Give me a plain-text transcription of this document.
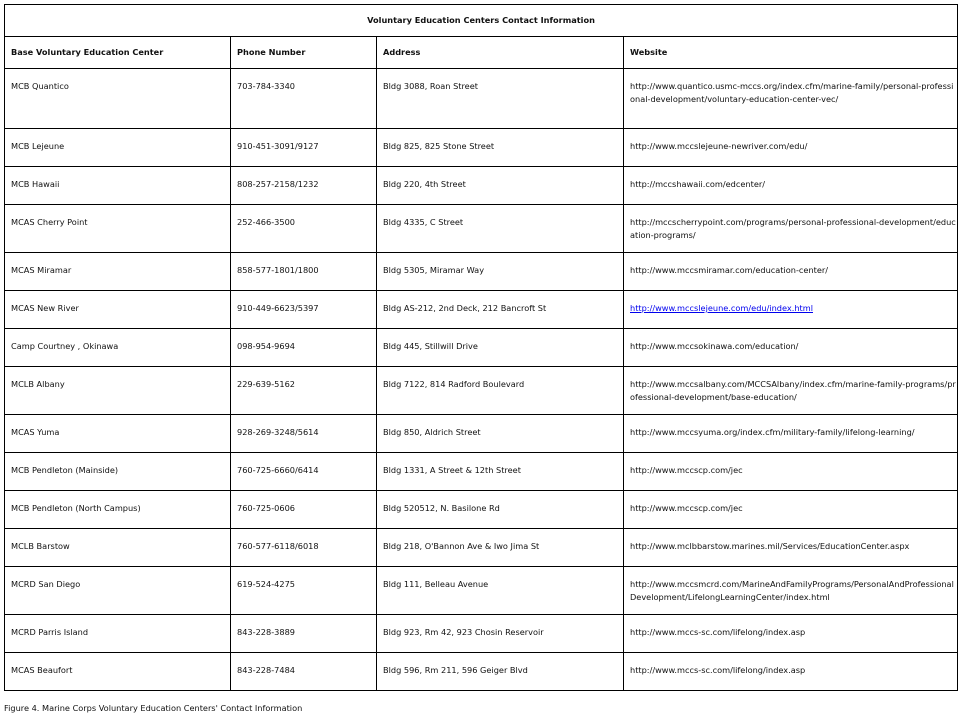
Voluntary Education Centers Contact Information			
Base Voluntary Education Center	Phone Number	Address	Website
MCB Quantico	703-784-3340	Bldg 3088, Roan Street	http://www.quantico.usmc-mccs.org/index.cfm/marine-family/personal-professional-development/voluntary-education-center-vec/
MCB Lejeune	910-451-3091/9127	Bldg 825, 825 Stone Street	http://www.mccslejeune-newriver.com/edu/
MCB Hawaii	808-257-2158/1232	Bldg 220, 4th Street	http://mccshawaii.com/edcenter/
MCAS Cherry Point	252-466-3500	Bldg 4335, C Street	http://mccscherrypoint.com/programs/personal-professional-development/education-programs/
MCAS Miramar	858-577-1801/1800	Bldg 5305, Miramar Way	http://www.mccsmiramar.com/education-center/
MCAS New River	910-449-6623/5397	Bldg AS-212, 2nd Deck, 212 Bancroft St	http://www.mccslejeune.com/edu/index.html
Camp Courtney , Okinawa	098-954-9694	Bldg 445, Stillwill Drive	http://www.mccsokinawa.com/education/
MCLB Albany	229-639-5162	Bldg 7122, 814 Radford Boulevard	http://www.mccsalbany.com/MCCSAlbany/index.cfm/marine-family-programs/professional-development/base-education/
MCAS Yuma	928-269-3248/5614	Bldg 850, Aldrich Street	http://www.mccsyuma.org/index.cfm/military-family/lifelong-learning/
MCB Pendleton (Mainside)	760-725-6660/6414	Bldg 1331, A Street & 12th Street	http://www.mccscp.com/jec
MCB Pendleton (North Campus)	760-725-0606	Bldg 520512, N. Basilone Rd	http://www.mccscp.com/jec
MCLB Barstow	760-577-6118/6018	Bldg 218, O'Bannon Ave & Iwo Jima St	http://www.mclbbarstow.marines.mil/Services/EducationCenter.aspx
MCRD San Diego	619-524-4275	Bldg 111, Belleau Avenue	http://www.mccsmcrd.com/MarineAndFamilyPrograms/PersonalAndProfessionalDevelopment/LifelongLearningCenter/index.html
MCRD Parris Island	843-228-3889	Bldg 923, Rm 42, 923 Chosin Reservoir	http://www.mccs-sc.com/lifelong/index.asp
MCAS Beaufort	843-228-7484	Bldg 596, Rm 211, 596 Geiger Blvd	http://www.mccs-sc.com/lifelong/index.asp
Figure 4. Marine Corps Voluntary Education Centers' Contact Information
